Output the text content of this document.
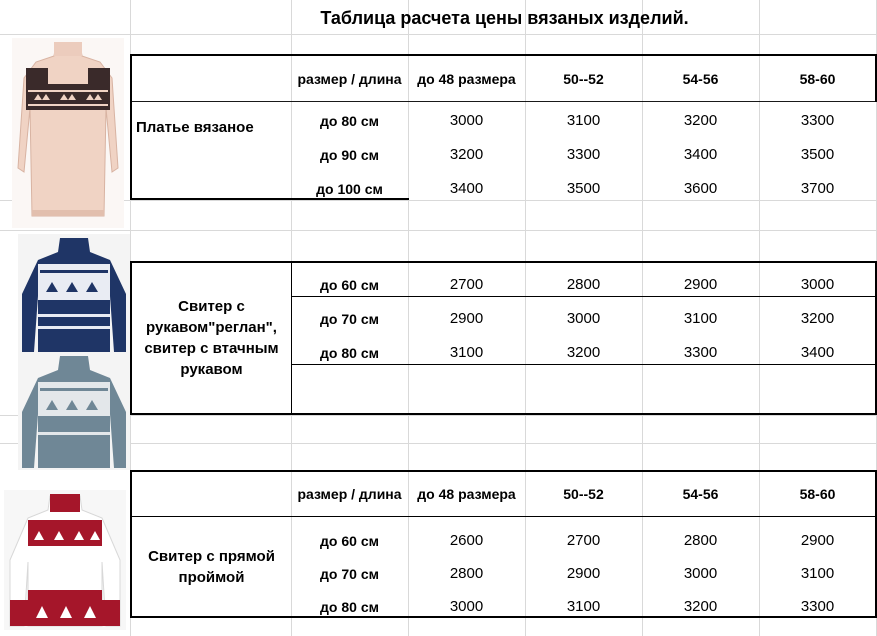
Таблица расчета цены вязаных изделий.
размер / длина	до 48 размера	50--52	54-56	58-60
Платье вязаное	до 80 см	3000	3100	3200	3300
до 90 см	3200	3300	3400	3500
до 100 см	3400	3500	3600	3700
Свитер с рукавом"реглан", свитер с втачным рукавом
до 60 см	2700	2800	2900	3000
до 70 см	2900	3000	3100	3200
до 80 см	3100	3200	3300	3400
размер / длина	до 48 размера	50--52	54-56	58-60
Свитер с прямой проймой
до 60 см	2600	2700	2800	2900
до 70 см	2800	2900	3000	3100
до 80 см	3000	3100	3200	3300
